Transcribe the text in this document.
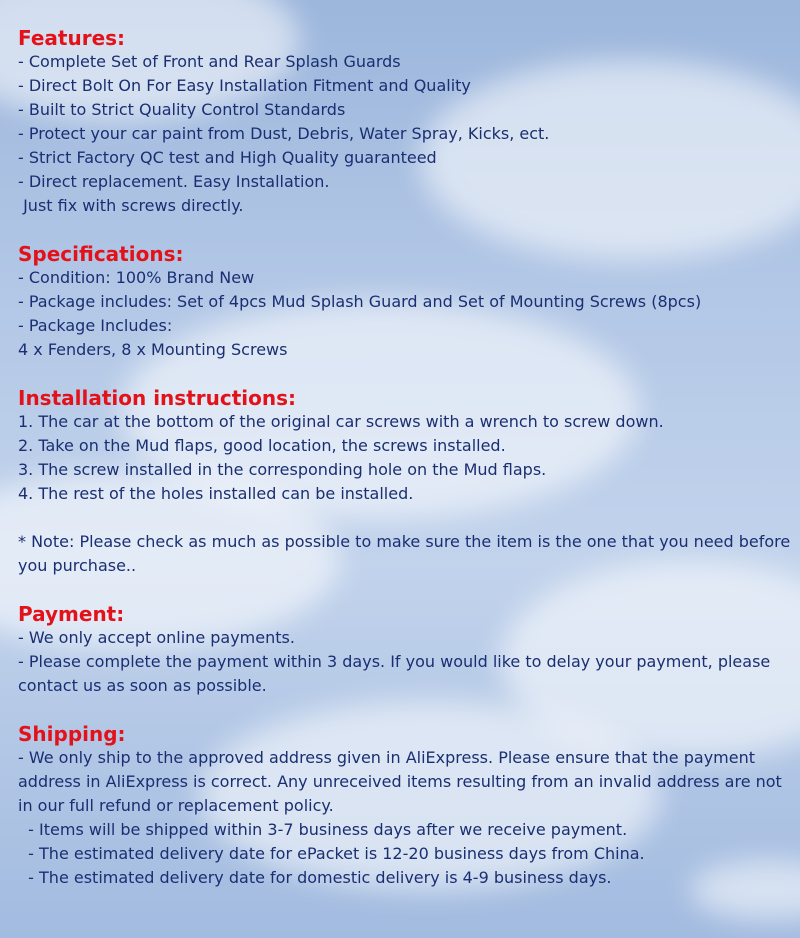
Features:
- Complete Set of Front and Rear Splash Guards
- Direct Bolt On For Easy Installation Fitment and Quality
- Built to Strict Quality Control Standards
- Protect your car paint from Dust, Debris, Water Spray, Kicks, ect.
- Strict Factory QC test and High Quality guaranteed
- Direct replacement. Easy Installation.
Just fix with screws directly.
Specifications:
- Condition: 100% Brand New
- Package includes: Set of 4pcs Mud Splash Guard and Set of Mounting Screws (8pcs)
- Package Includes:
4 x Fenders, 8 x Mounting Screws
Installation instructions:
1. The car at the bottom of the original car screws with a wrench to screw down.
2. Take on the Mud flaps, good location, the screws installed.
3. The screw installed in the corresponding hole on the Mud flaps.
4. The rest of the holes installed can be installed.
* Note: Please check as much as possible to make sure the item is the one that you need before you purchase..
Payment:
- We only accept online payments.
- Please complete the payment within 3 days. If you would like to delay your payment, please contact us as soon as possible.
Shipping:
- We only ship to the approved address given in AliExpress. Please ensure that the payment address in AliExpress is correct. Any unreceived items resulting from an invalid address are not in our full refund or replacement policy.
- Items will be shipped within 3-7 business days after we receive payment.
- The estimated delivery date for ePacket is 12-20 business days from China.
- The estimated delivery date for domestic delivery is 4-9 business days.
